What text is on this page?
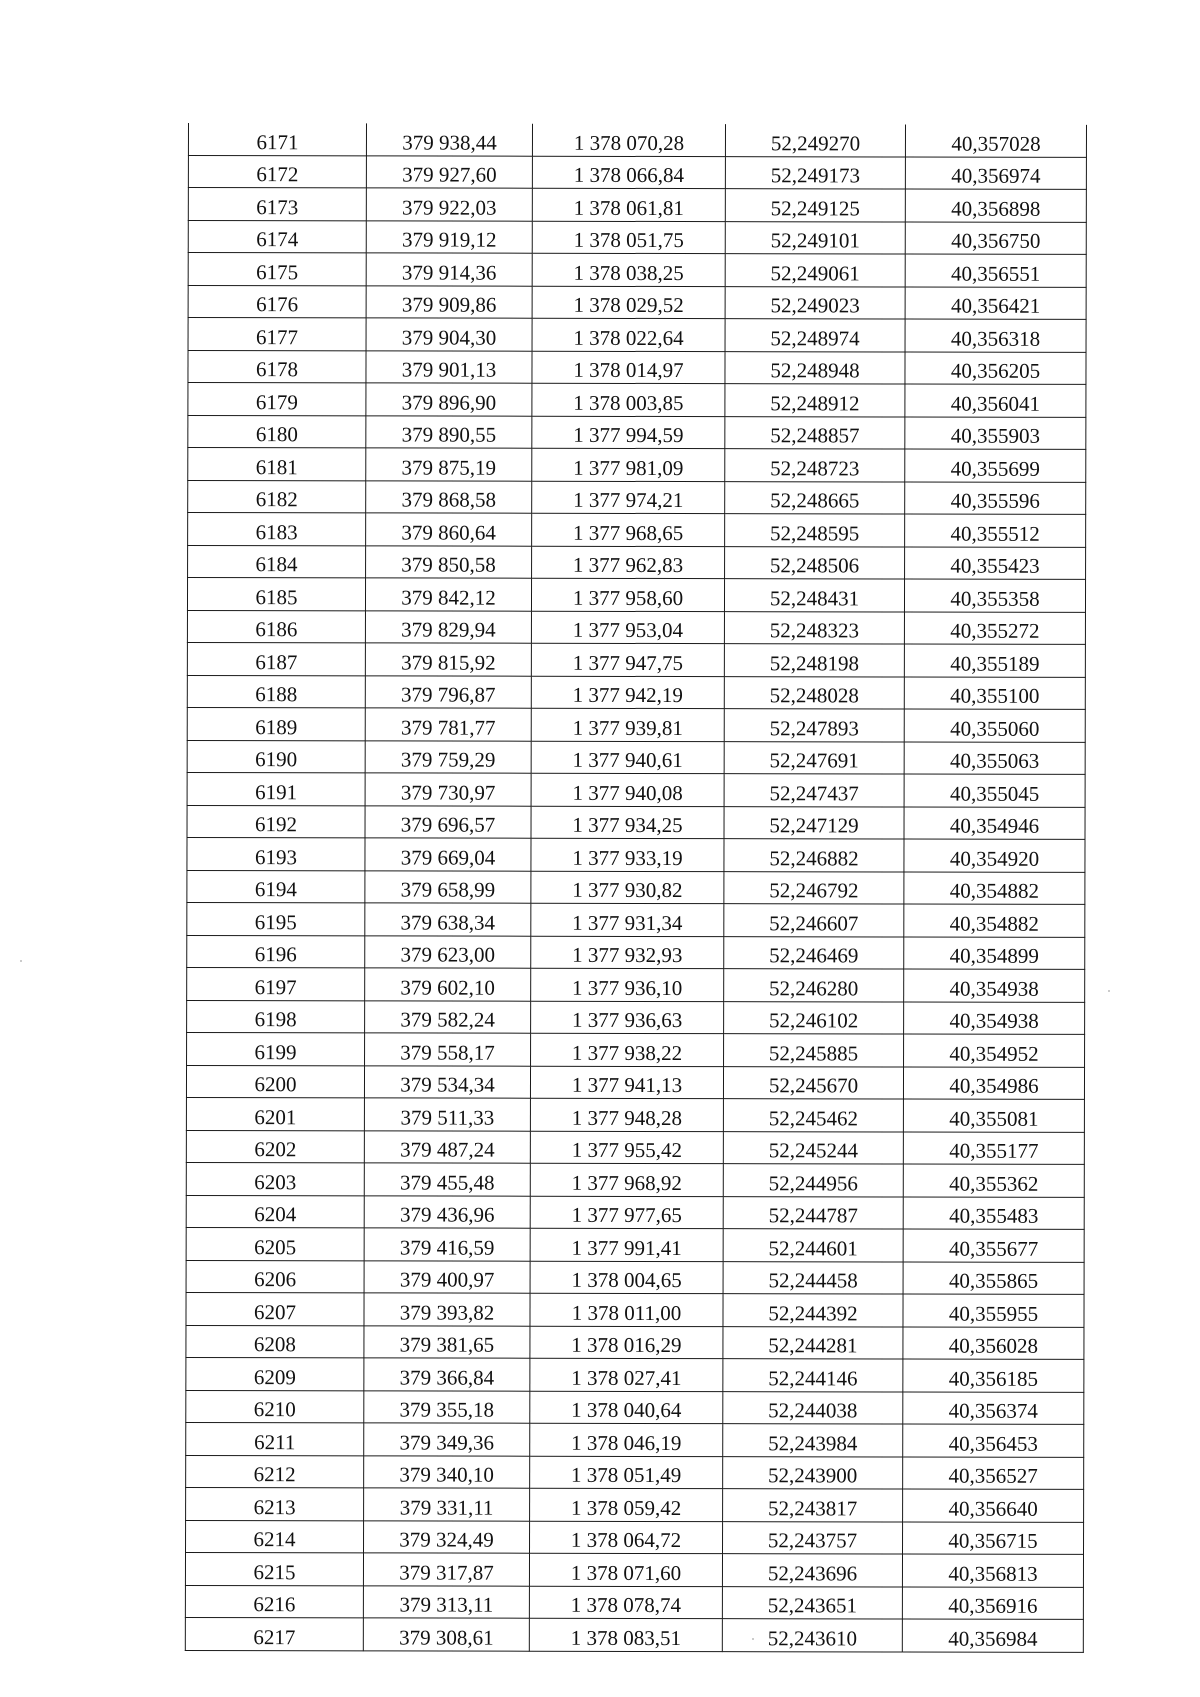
6171	379 938,44	1 378 070,28	52,249270	40,357028
6172	379 927,60	1 378 066,84	52,249173	40,356974
6173	379 922,03	1 378 061,81	52,249125	40,356898
6174	379 919,12	1 378 051,75	52,249101	40,356750
6175	379 914,36	1 378 038,25	52,249061	40,356551
6176	379 909,86	1 378 029,52	52,249023	40,356421
6177	379 904,30	1 378 022,64	52,248974	40,356318
6178	379 901,13	1 378 014,97	52,248948	40,356205
6179	379 896,90	1 378 003,85	52,248912	40,356041
6180	379 890,55	1 377 994,59	52,248857	40,355903
6181	379 875,19	1 377 981,09	52,248723	40,355699
6182	379 868,58	1 377 974,21	52,248665	40,355596
6183	379 860,64	1 377 968,65	52,248595	40,355512
6184	379 850,58	1 377 962,83	52,248506	40,355423
6185	379 842,12	1 377 958,60	52,248431	40,355358
6186	379 829,94	1 377 953,04	52,248323	40,355272
6187	379 815,92	1 377 947,75	52,248198	40,355189
6188	379 796,87	1 377 942,19	52,248028	40,355100
6189	379 781,77	1 377 939,81	52,247893	40,355060
6190	379 759,29	1 377 940,61	52,247691	40,355063
6191	379 730,97	1 377 940,08	52,247437	40,355045
6192	379 696,57	1 377 934,25	52,247129	40,354946
6193	379 669,04	1 377 933,19	52,246882	40,354920
6194	379 658,99	1 377 930,82	52,246792	40,354882
6195	379 638,34	1 377 931,34	52,246607	40,354882
6196	379 623,00	1 377 932,93	52,246469	40,354899
6197	379 602,10	1 377 936,10	52,246280	40,354938
6198	379 582,24	1 377 936,63	52,246102	40,354938
6199	379 558,17	1 377 938,22	52,245885	40,354952
6200	379 534,34	1 377 941,13	52,245670	40,354986
6201	379 511,33	1 377 948,28	52,245462	40,355081
6202	379 487,24	1 377 955,42	52,245244	40,355177
6203	379 455,48	1 377 968,92	52,244956	40,355362
6204	379 436,96	1 377 977,65	52,244787	40,355483
6205	379 416,59	1 377 991,41	52,244601	40,355677
6206	379 400,97	1 378 004,65	52,244458	40,355865
6207	379 393,82	1 378 011,00	52,244392	40,355955
6208	379 381,65	1 378 016,29	52,244281	40,356028
6209	379 366,84	1 378 027,41	52,244146	40,356185
6210	379 355,18	1 378 040,64	52,244038	40,356374
6211	379 349,36	1 378 046,19	52,243984	40,356453
6212	379 340,10	1 378 051,49	52,243900	40,356527
6213	379 331,11	1 378 059,42	52,243817	40,356640
6214	379 324,49	1 378 064,72	52,243757	40,356715
6215	379 317,87	1 378 071,60	52,243696	40,356813
6216	379 313,11	1 378 078,74	52,243651	40,356916
6217	379 308,61	1 378 083,51	52,243610	40,356984
